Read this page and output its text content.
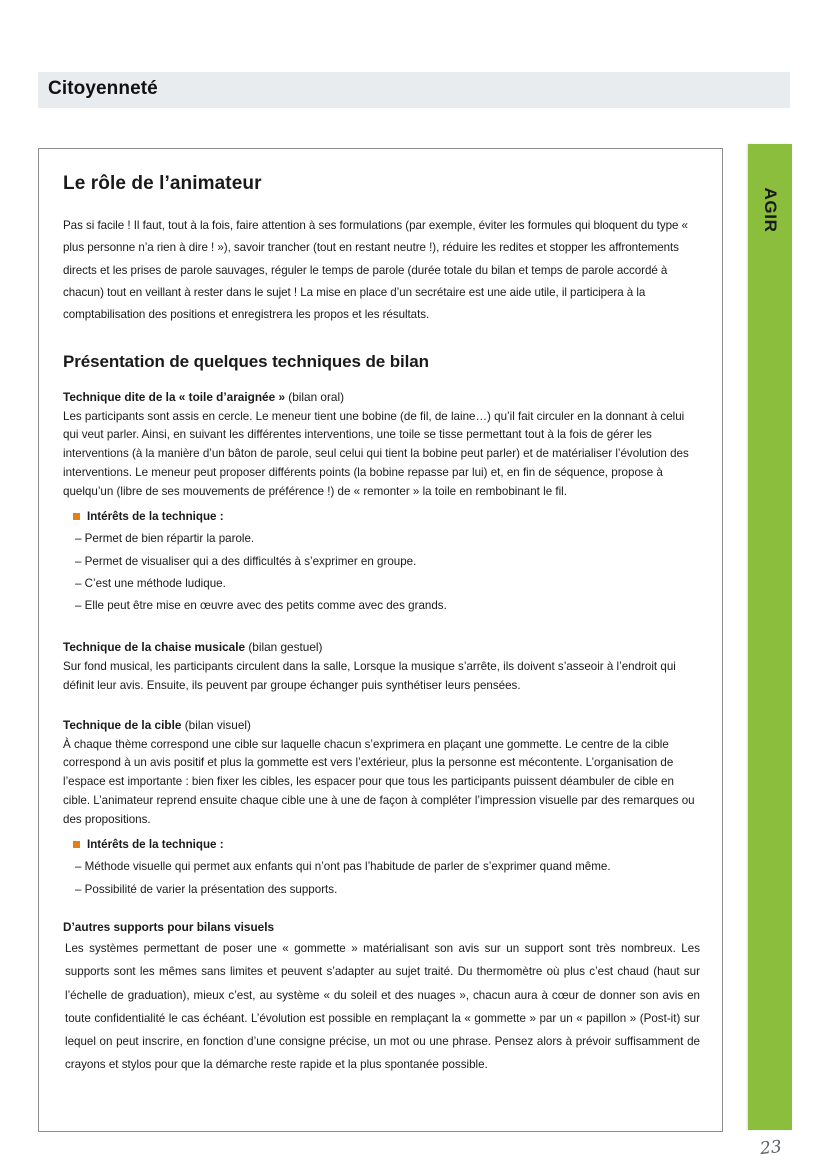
Citoyenneté
AGIR
Le rôle de l’animateur

Pas si facile ! Il faut, tout à la fois, faire attention à ses formulations (par exemple, éviter les formules qui bloquent du type « plus personne n’a rien à dire ! »), savoir trancher (tout en restant neutre !), réduire les redites et stopper les affrontements directs et les prises de parole sauvages, réguler le temps de parole (durée totale du bilan et temps de parole accordé à chacun) tout en veillant à rester dans le sujet ! La mise en place d’un secrétaire est une aide utile, il participera à la comptabilisation des positions et enregistrera les propos et les résultats.

Présentation de quelques techniques de bilan

Technique dite de la « toile d’araignée » (bilan oral)

Les participants sont assis en cercle. Le meneur tient une bobine (de fil, de laine…) qu’il fait circuler en la donnant à celui qui veut parler. Ainsi, en suivant les différentes interventions, une toile se tisse permettant tout à la fois de gérer les interventions (à la manière d’un bâton de parole, seul celui qui tient la bobine peut parler) et de matérialiser l’évolution des interventions. Le meneur peut proposer différents points (la bobine repasse par lui) et, en fin de séquence, propose à quelqu’un (libre de ses mouvements de préférence !) de « remonter » la toile en rembobinant le fil.

Intérêts de la technique :
– Permet de bien répartir la parole.
– Permet de visualiser qui a des difficultés à s’exprimer en groupe.
– C’est une méthode ludique.
– Elle peut être mise en œuvre avec des petits comme avec des grands.

Technique de la chaise musicale (bilan gestuel)

Sur fond musical, les participants circulent dans la salle, Lorsque la musique s’arrête, ils doivent s’asseoir à l’endroit qui définit leur avis. Ensuite, ils peuvent par groupe échanger puis synthétiser leurs pensées.

Technique de la cible (bilan visuel)

À chaque thème correspond une cible sur laquelle chacun s’exprimera en plaçant une gommette. Le centre de la cible correspond à un avis positif et plus la gommette est vers l’extérieur, plus la personne est mécontente. L’organisation de l’espace est importante : bien fixer les cibles, les espacer pour que tous les participants puissent déambuler de cible en cible. L’animateur reprend ensuite chaque cible une à une de façon à compléter l’impression visuelle par des remarques ou des propositions.

Intérêts de la technique :
– Méthode visuelle qui permet aux enfants qui n’ont pas l’habitude de parler de s’exprimer quand même.
– Possibilité de varier la présentation des supports.

D’autres supports pour bilans visuels

Les systèmes permettant de poser une « gommette » matérialisant son avis sur un support sont très nombreux. Les supports sont les mêmes sans limites et peuvent s’adapter au sujet traité. Du thermomètre où plus c’est chaud (haut sur l’échelle de graduation), mieux c’est, au système « du soleil et des nuages », chacun aura à cœur de donner son avis en toute confidentialité le cas échéant. L’évolution est possible en remplaçant la « gommette » par un « papillon » (Post-it) sur lequel on peut inscrire, en fonction d’une consigne précise, un mot ou une phrase. Pensez alors à prévoir suffisamment de crayons et stylos pour que la démarche reste rapide et la plus spontanée possible.

23
